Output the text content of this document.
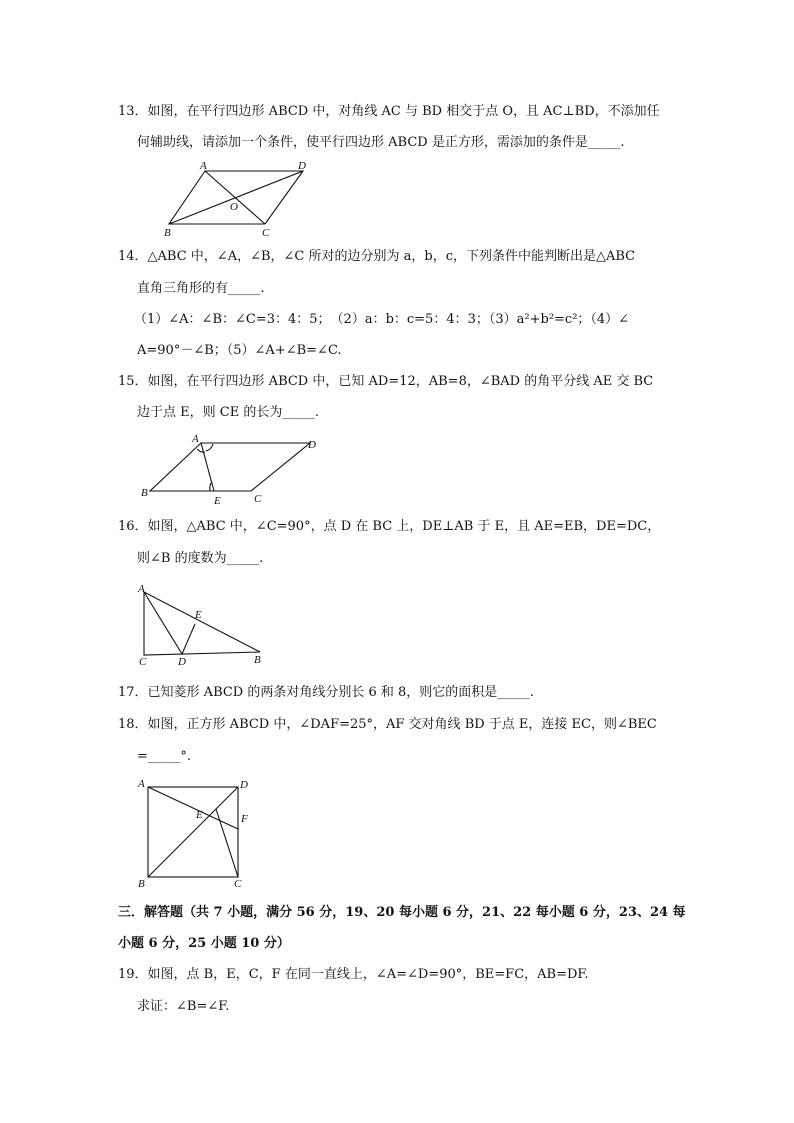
13．如图，在平行四边形 ABCD 中，对角线 AC 与 BD 相交于点 O，且 AC⊥BD，不添加任
何辅助线，请添加一个条件，使平行四边形 ABCD 是正方形，需添加的条件是_____.
A	D
O
B	C
14．△ABC 中，∠A，∠B，∠C 所对的边分别为 a，b，c，下列条件中能判断出是△ABC
直角三角形的有_____.
（1）∠A：∠B：∠C=3：4：5；　（2）a：b：c=5：4：3；（3）a²+b²=c²；（4）∠
A=90°－∠B；（5）∠A+∠B=∠C.
15．如图，在平行四边形 ABCD 中，已知 AD=12，AB=8，∠BAD 的角平分线 AE 交 BC
边于点 E，则 CE 的长为_____.
A	D
B
E	C
16．如图，△ABC 中，∠C=90°，点 D 在 BC 上，DE⊥AB 于 E，且 AE=EB，DE=DC，
则∠B 的度数为_____.
A
E
C	D	B
17．已知菱形 ABCD 的两条对角线分别长 6 和 8，则它的面积是_____.
18．如图，正方形 ABCD 中，∠DAF=25°，AF 交对角线 BD 于点 E，连接 EC，则∠BEC
=_____°.
A	D
E	F
B	C
三．解答题（共 7 小题，满分 56 分，19、20 每小题 6 分，21、22 每小题 6 分，23、24 每
小题 6 分，25 小题 10 分）
19．如图，点 B，E，C，F 在同一直线上，∠A=∠D=90°，BE=FC，AB=DF.
求证：∠B=∠F.
